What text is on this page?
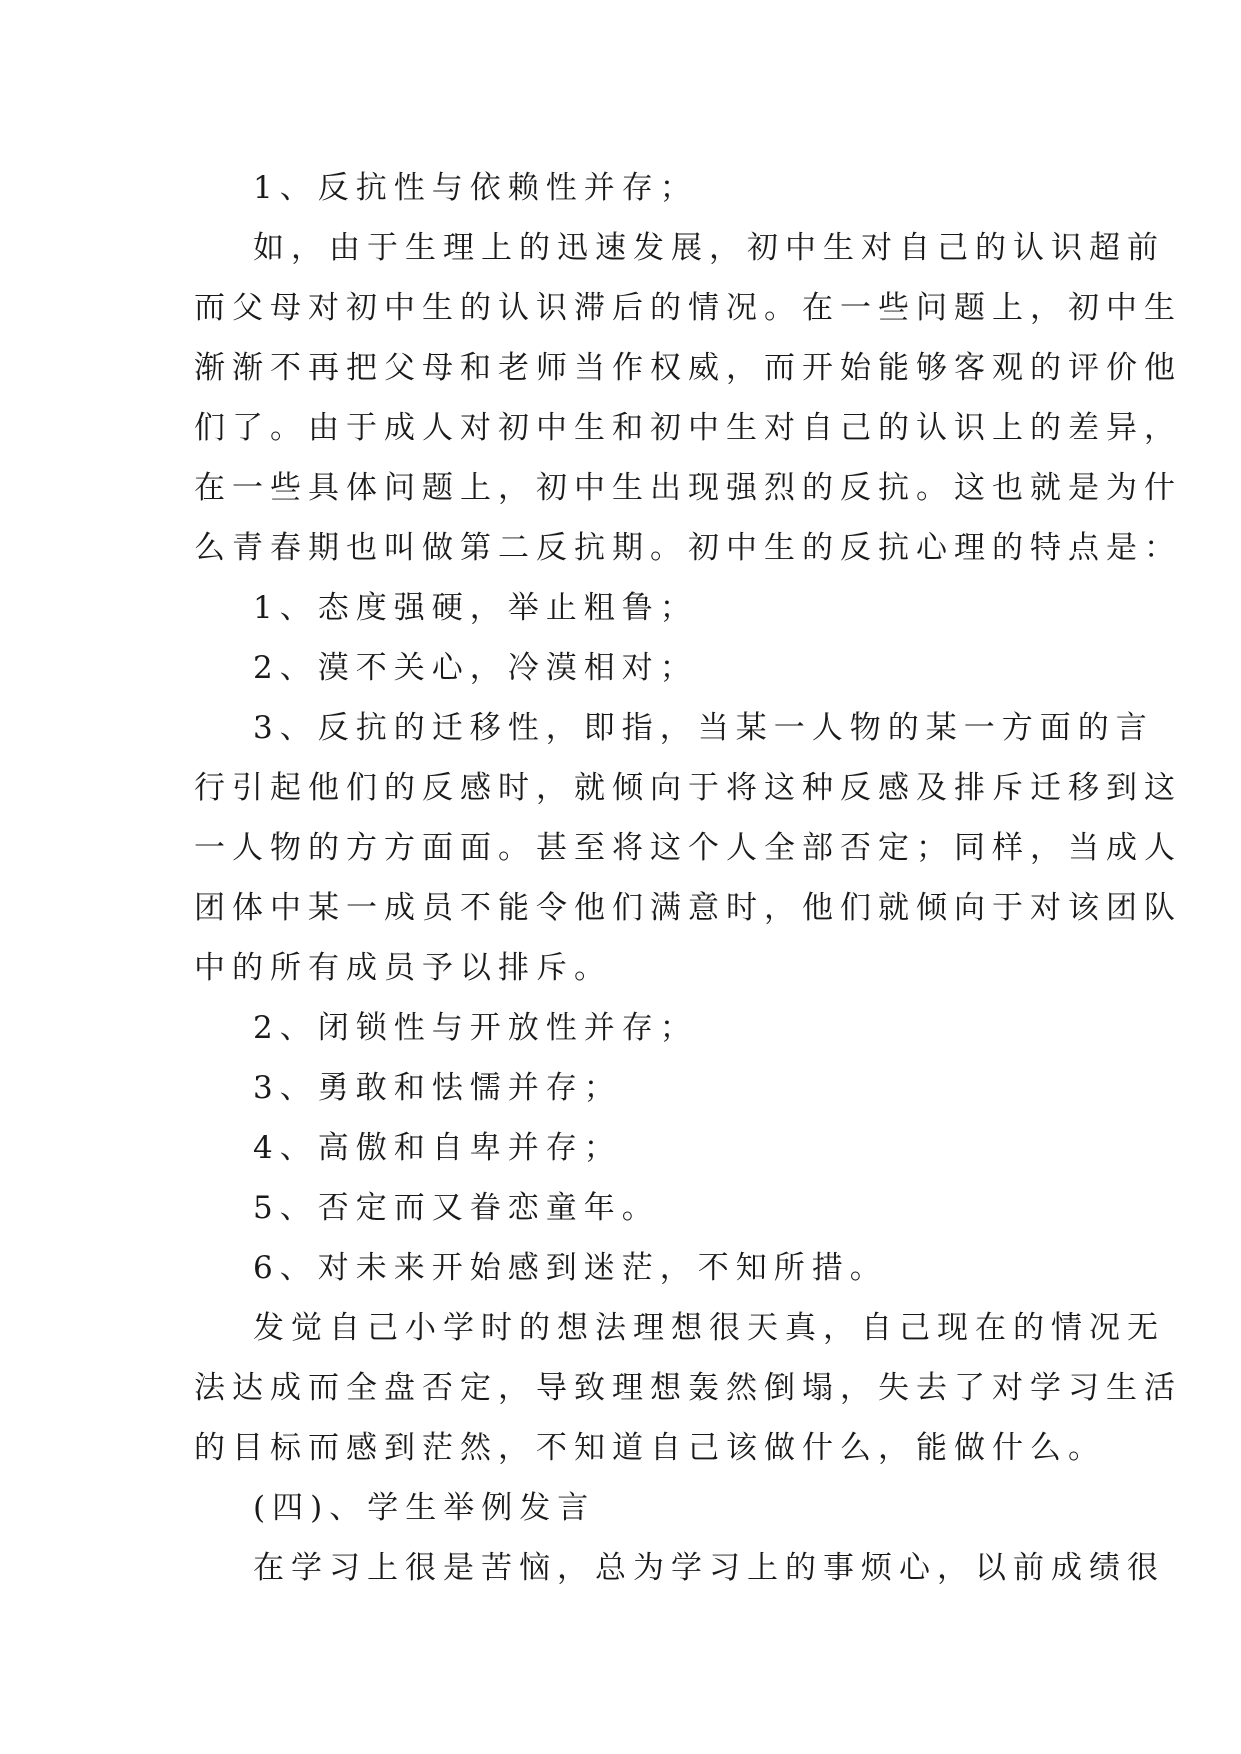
1、反抗性与依赖性并存；
如，由于生理上的迅速发展，初中生对自己的认识超前
而父母对初中生的认识滞后的情况。在一些问题上，初中生
渐渐不再把父母和老师当作权威，而开始能够客观的评价他
们了。由于成人对初中生和初中生对自己的认识上的差异，
在一些具体问题上，初中生出现强烈的反抗。这也就是为什
么青春期也叫做第二反抗期。初中生的反抗心理的特点是：
1、态度强硬，举止粗鲁；
2、漠不关心，冷漠相对；
3、反抗的迁移性，即指，当某一人物的某一方面的言
行引起他们的反感时，就倾向于将这种反感及排斥迁移到这
一人物的方方面面。甚至将这个人全部否定；同样，当成人
团体中某一成员不能令他们满意时，他们就倾向于对该团队
中的所有成员予以排斥。
2、闭锁性与开放性并存；
3、勇敢和怯懦并存；
4、高傲和自卑并存；
5、否定而又眷恋童年。
6、对未来开始感到迷茫，不知所措。
发觉自己小学时的想法理想很天真，自己现在的情况无
法达成而全盘否定，导致理想轰然倒塌，失去了对学习生活
的目标而感到茫然，不知道自己该做什么，能做什么。
(四)、学生举例发言
在学习上很是苦恼，总为学习上的事烦心，以前成绩很
